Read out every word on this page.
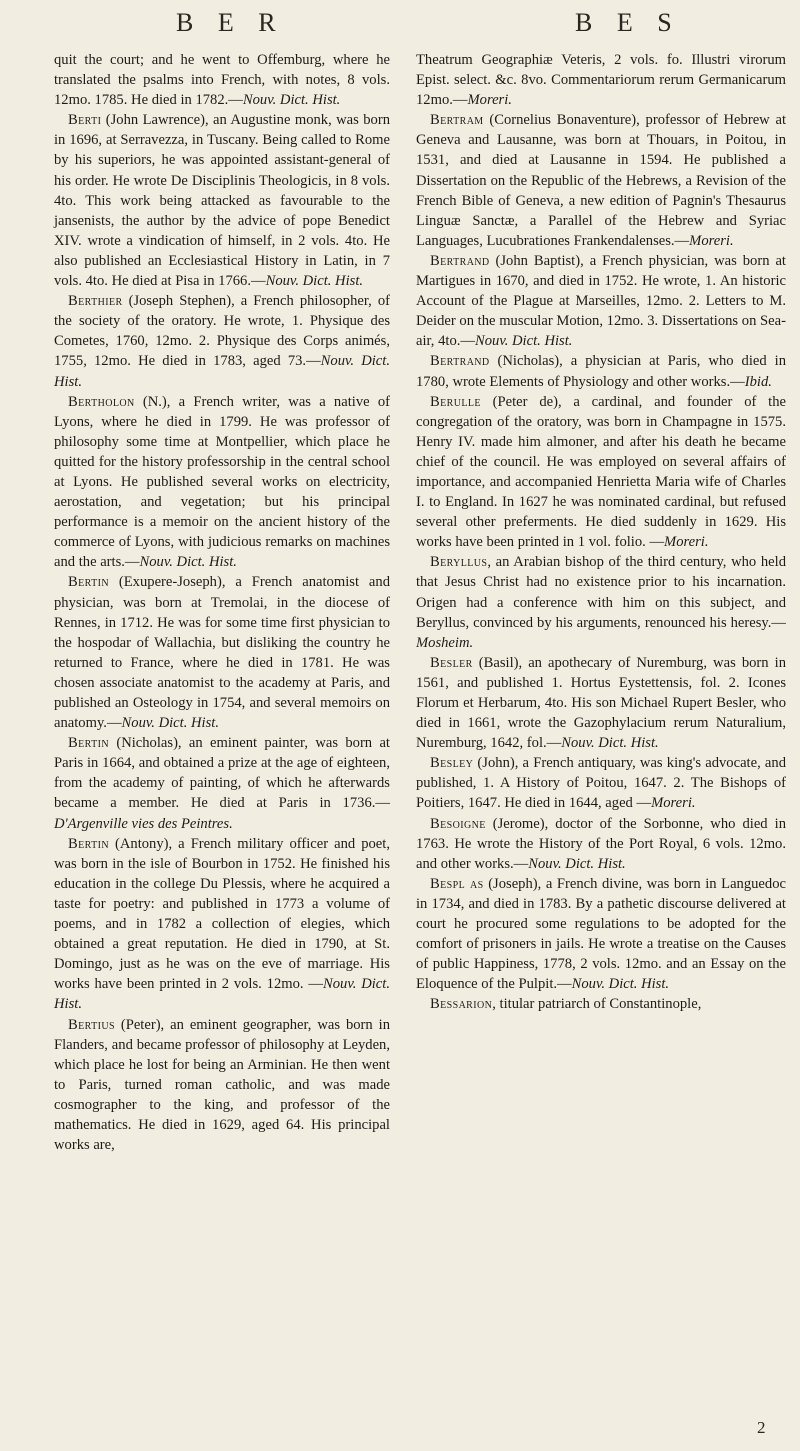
B E R	B E S

quit the court; and he went to Offemburg, where he translated the psalms into French, with notes, 8 vols. 12mo. 1785. He died in 1782.—Nouv. Dict. Hist.

Berti (John Lawrence), an Augustine monk, was born in 1696, at Serravezza, in Tuscany. Being called to Rome by his superiors, he was appointed assistant-general of his order. He wrote De Disciplinis Theologicis, in 8 vols. 4to. This work being attacked as favourable to the jansenists, the author by the advice of pope Benedict XIV. wrote a vindication of himself, in 2 vols. 4to. He also published an Ecclesiastical History in Latin, in 7 vols. 4to. He died at Pisa in 1766.—Nouv. Dict. Hist.

Berthier (Joseph Stephen), a French philosopher, of the society of the oratory. He wrote, 1. Physique des Cometes, 1760, 12mo. 2. Physique des Corps animés, 1755, 12mo. He died in 1783, aged 73.—Nouv. Dict. Hist.

Bertholon (N.), a French writer, was a native of Lyons, where he died in 1799. He was professor of philosophy some time at Montpellier, which place he quitted for the history professorship in the central school at Lyons. He published several works on electricity, aerostation, and vegetation; but his principal performance is a memoir on the ancient history of the commerce of Lyons, with judicious remarks on machines and the arts.—Nouv. Dict. Hist.

Bertin (Exupere-Joseph), a French anatomist and physician, was born at Tremolai, in the diocese of Rennes, in 1712. He was for some time first physician to the hospodar of Wallachia, but disliking the country he returned to France, where he died in 1781. He was chosen associate anatomist to the academy at Paris, and published an Osteology in 1754, and several memoirs on anatomy.—Nouv. Dict. Hist.

Bertin (Nicholas), an eminent painter, was born at Paris in 1664, and obtained a prize at the age of eighteen, from the academy of painting, of which he afterwards became a member. He died at Paris in 1736.—D'Argenville vies des Peintres.

Bertin (Antony), a French military officer and poet, was born in the isle of Bourbon in 1752. He finished his education in the college Du Plessis, where he acquired a taste for poetry: and published in 1773 a volume of poems, and in 1782 a collection of elegies, which obtained a great reputation. He died in 1790, at St. Domingo, just as he was on the eve of marriage. His works have been printed in 2 vols. 12mo. —Nouv. Dict. Hist.

Bertius (Peter), an eminent geographer, was born in Flanders, and became professor of philosophy at Leyden, which place he lost for being an Arminian. He then went to Paris, turned roman catholic, and was made cosmographer to the king, and professor of the mathematics. He died in 1629, aged 64. His principal works are,

Theatrum Geographiæ Veteris, 2 vols. fo. Illustri virorum Epist. select. &c. 8vo. Commentariorum rerum Germanicarum 12mo.—Moreri.

Bertram (Cornelius Bonaventure), professor of Hebrew at Geneva and Lausanne, was born at Thouars, in Poitou, in 1531, and died at Lausanne in 1594. He published a Dissertation on the Republic of the Hebrews, a Revision of the French Bible of Geneva, a new edition of Pagnin's Thesaurus Linguæ Sanctæ, a Parallel of the Hebrew and Syriac Languages, Lucubrationes Frankendalenses.—Moreri.

Bertrand (John Baptist), a French physician, was born at Martigues in 1670, and died in 1752. He wrote, 1. An historic Account of the Plague at Marseilles, 12mo. 2. Letters to M. Deider on the muscular Motion, 12mo. 3. Dissertations on Sea-air, 4to.—Nouv. Dict. Hist.

Bertrand (Nicholas), a physician at Paris, who died in 1780, wrote Elements of Physiology and other works.—Ibid.

Berulle (Peter de), a cardinal, and founder of the congregation of the oratory, was born in Champagne in 1575. Henry IV. made him almoner, and after his death he became chief of the council. He was employed on several affairs of importance, and accompanied Henrietta Maria wife of Charles I. to England. In 1627 he was nominated cardinal, but refused several other preferments. He died suddenly in 1629. His works have been printed in 1 vol. folio. —Moreri.

Beryllus, an Arabian bishop of the third century, who held that Jesus Christ had no existence prior to his incarnation. Origen had a conference with him on this subject, and Beryllus, convinced by his arguments, renounced his heresy.—Mosheim.

Besler (Basil), an apothecary of Nuremburg, was born in 1561, and published 1. Hortus Eystettensis, fol. 2. Icones Florum et Herbarum, 4to. His son Michael Rupert Besler, who died in 1661, wrote the Gazophylacium rerum Naturalium, Nuremburg, 1642, fol.—Nouv. Dict. Hist.

Besley (John), a French antiquary, was king's advocate, and published, 1. A History of Poitou, 1647. 2. The Bishops of Poitiers, 1647. He died in 1644, aged —Moreri.

Besoigne (Jerome), doctor of the Sorbonne, who died in 1763. He wrote the History of the Port Royal, 6 vols. 12mo. and other works.—Nouv. Dict. Hist.

Bespl as (Joseph), a French divine, was born in Languedoc in 1734, and died in 1783. By a pathetic discourse delivered at court he procured some regulations to be adopted for the comfort of prisoners in jails. He wrote a treatise on the Causes of public Happiness, 1778, 2 vols. 12mo. and an Essay on the Eloquence of the Pulpit.—Nouv. Dict. Hist.

Bessarion, titular patriarch of Constantinople,

2
